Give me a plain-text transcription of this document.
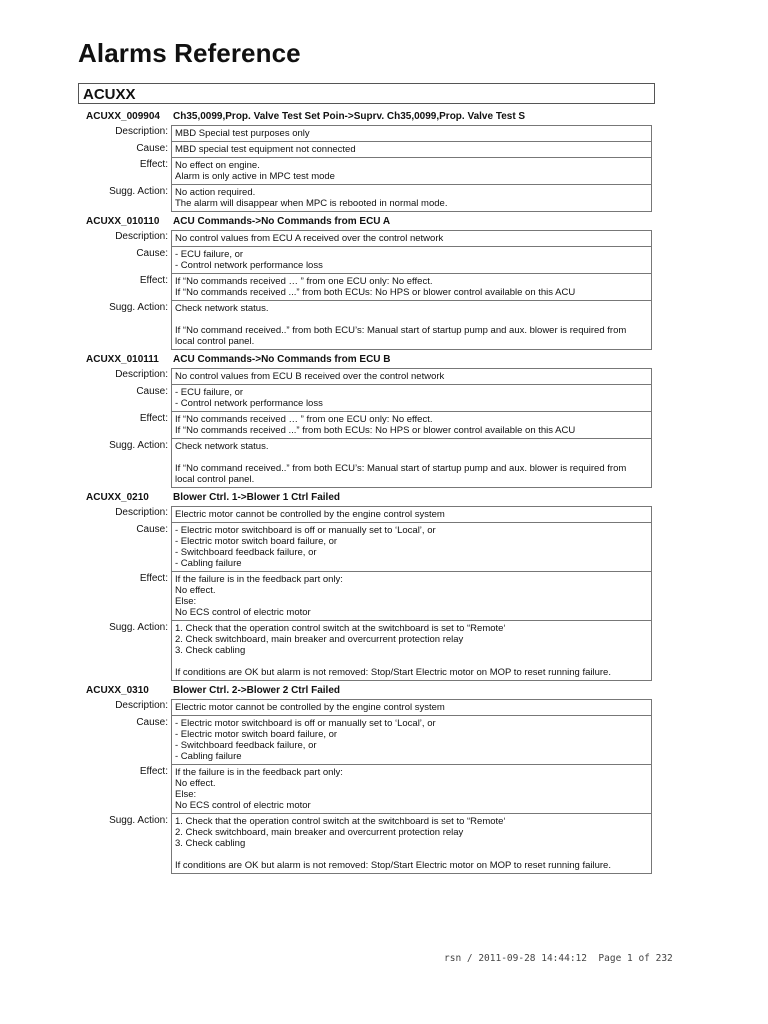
Alarms Reference
ACUXX
ACUXX_009904	Ch35,0099,Prop. Valve Test Set Poin->Suprv. Ch35,0099,Prop. Valve Test S
Description: MBD Special test purposes only
Cause: MBD special test equipment not connected
Effect: No effect on engine.
Alarm is only active in MPC test mode
Sugg. Action: No action required.
The alarm will disappear when MPC is rebooted in normal mode.
ACUXX_010110	ACU Commands->No Commands from ECU A
Description: No control values from ECU A received over the control network
Cause: - ECU failure, or
- Control network performance loss
Effect: If “No commands received … ” from one ECU only: No effect.
If “No commands received ...” from both ECUs: No HPS or blower control available on this ACU
Sugg. Action: Check network status.
If “No command received..” from both ECU’s: Manual start of startup pump and aux. blower is required from
local control panel.
ACUXX_010111	ACU Commands->No Commands from ECU B
Description: No control values from ECU B received over the control network
Cause: - ECU failure, or
- Control network performance loss
Effect: If “No commands received … ” from one ECU only: No effect.
If “No commands received ...” from both ECUs: No HPS or blower control available on this ACU
Sugg. Action: Check network status.
If “No command received..” from both ECU’s: Manual start of startup pump and aux. blower is required from
local control panel.
ACUXX_0210	Blower Ctrl. 1->Blower 1 Ctrl Failed
Description: Electric motor cannot be controlled by the engine control system
Cause: - Electric motor switchboard is off or manually set to ‘Local’, or
- Electric motor switch board failure, or
- Switchboard feedback failure, or
- Cabling failure
Effect: If the failure is in the feedback part only:
No effect.
Else:
No ECS control of electric motor
Sugg. Action: 1. Check that the operation control switch at the switchboard is set to “Remote‘
2. Check switchboard, main breaker and overcurrent protection relay
3. Check cabling
If conditions are OK but alarm is not removed: Stop/Start Electric motor on MOP to reset running failure.
ACUXX_0310	Blower Ctrl. 2->Blower 2 Ctrl Failed
Description: Electric motor cannot be controlled by the engine control system
Cause: - Electric motor switchboard is off or manually set to ‘Local’, or
- Electric motor switch board failure, or
- Switchboard feedback failure, or
- Cabling failure
Effect: If the failure is in the feedback part only:
No effect.
Else:
No ECS control of electric motor
Sugg. Action: 1. Check that the operation control switch at the switchboard is set to “Remote‘
2. Check switchboard, main breaker and overcurrent protection relay
3. Check cabling
If conditions are OK but alarm is not removed: Stop/Start Electric motor on MOP to reset running failure.
rsn / 2011-09-28 14:44:12  Page 1 of 232
